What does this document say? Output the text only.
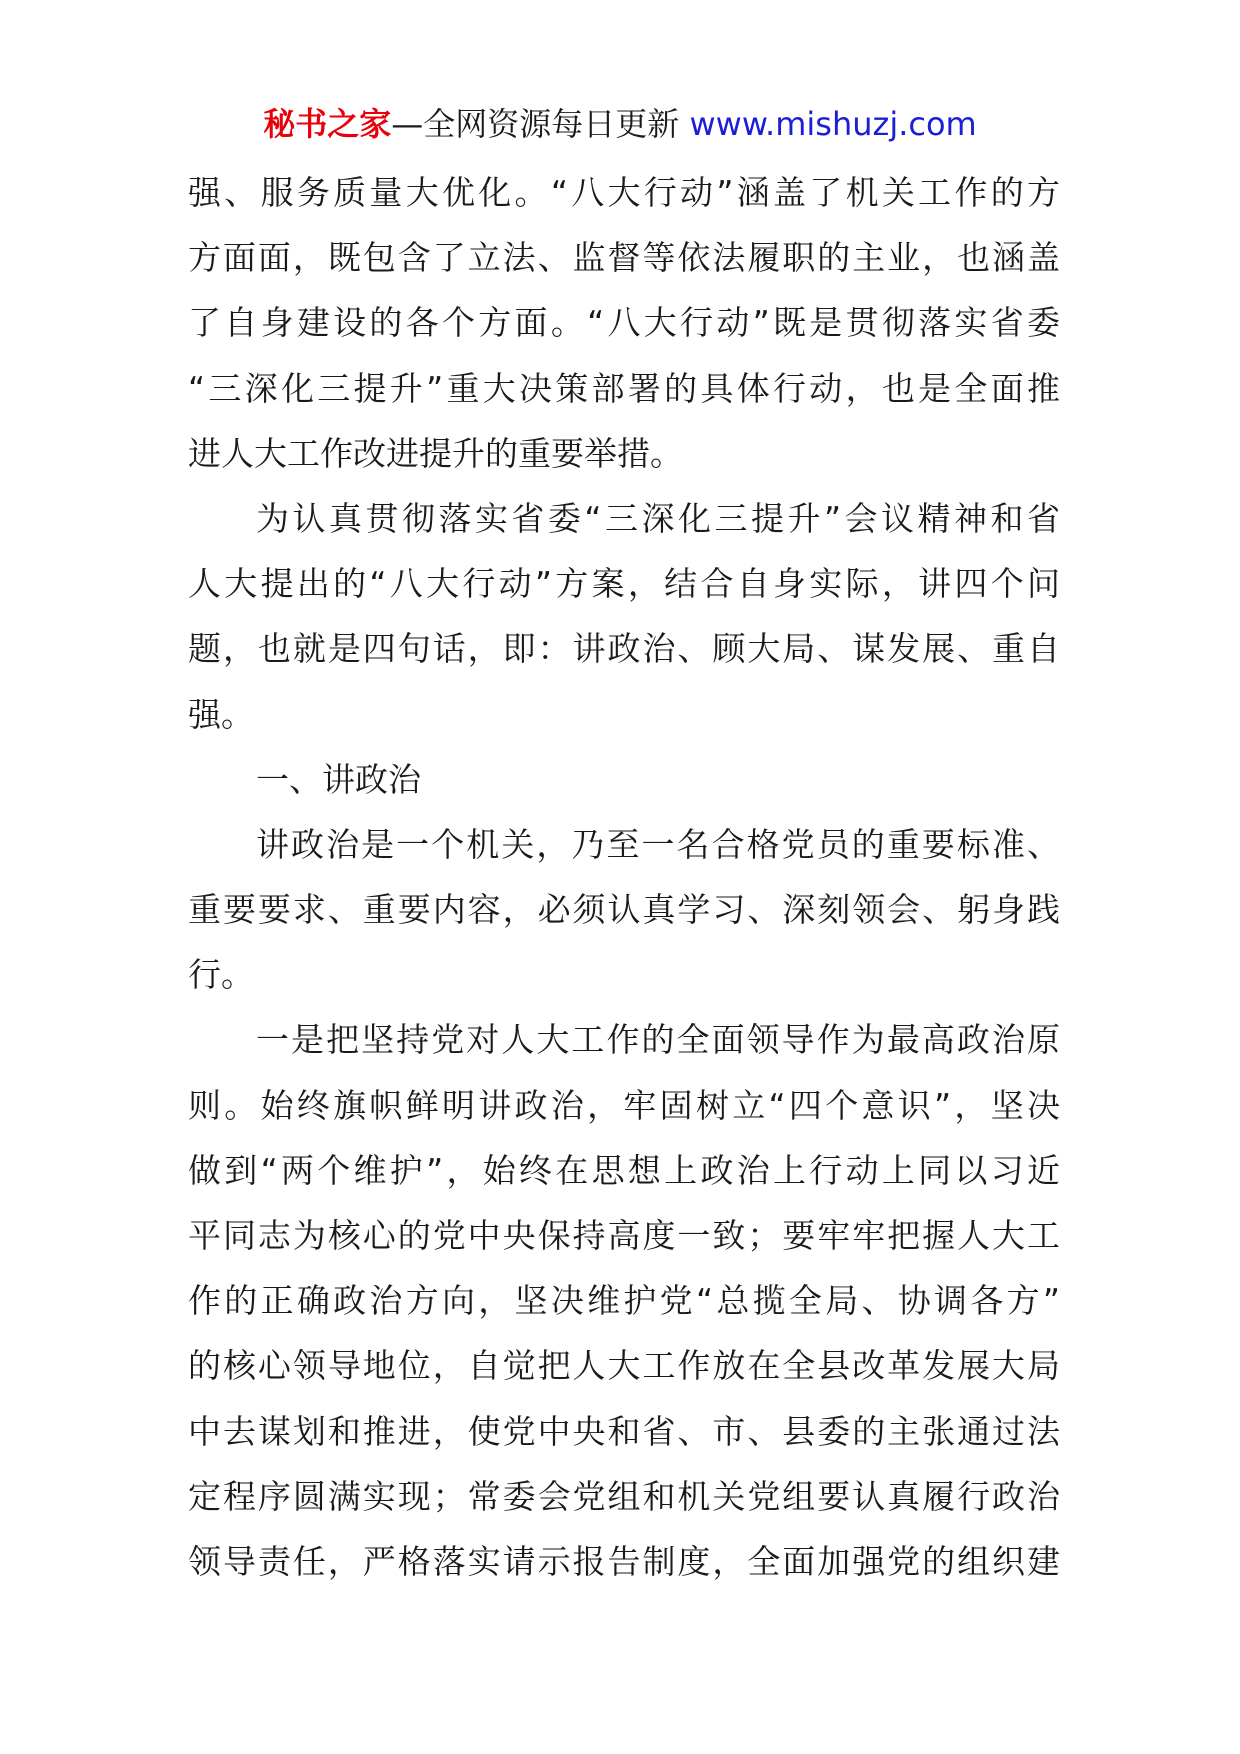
秘书之家—全网资源每日更新 www.mishuzj.com
强、服务质量大优化。“八大行动”涵盖了机关工作的方
方面面，既包含了立法、监督等依法履职的主业，也涵盖
了自身建设的各个方面。“八大行动”既是贯彻落实省委
“三深化三提升”重大决策部署的具体行动，也是全面推
进人大工作改进提升的重要举措。
为认真贯彻落实省委“三深化三提升”会议精神和省
人大提出的“八大行动”方案，结合自身实际，讲四个问
题，也就是四句话，即：讲政治、顾大局、谋发展、重自
强。
一、讲政治
讲政治是一个机关，乃至一名合格党员的重要标准、
重要要求、重要内容，必须认真学习、深刻领会、躬身践
行。
一是把坚持党对人大工作的全面领导作为最高政治原
则。始终旗帜鲜明讲政治，牢固树立“四个意识”，坚决
做到“两个维护”，始终在思想上政治上行动上同以习近
平同志为核心的党中央保持高度一致；要牢牢把握人大工
作的正确政治方向，坚决维护党“总揽全局、协调各方”
的核心领导地位，自觉把人大工作放在全县改革发展大局
中去谋划和推进，使党中央和省、市、县委的主张通过法
定程序圆满实现；常委会党组和机关党组要认真履行政治
领导责任，严格落实请示报告制度，全面加强党的组织建
